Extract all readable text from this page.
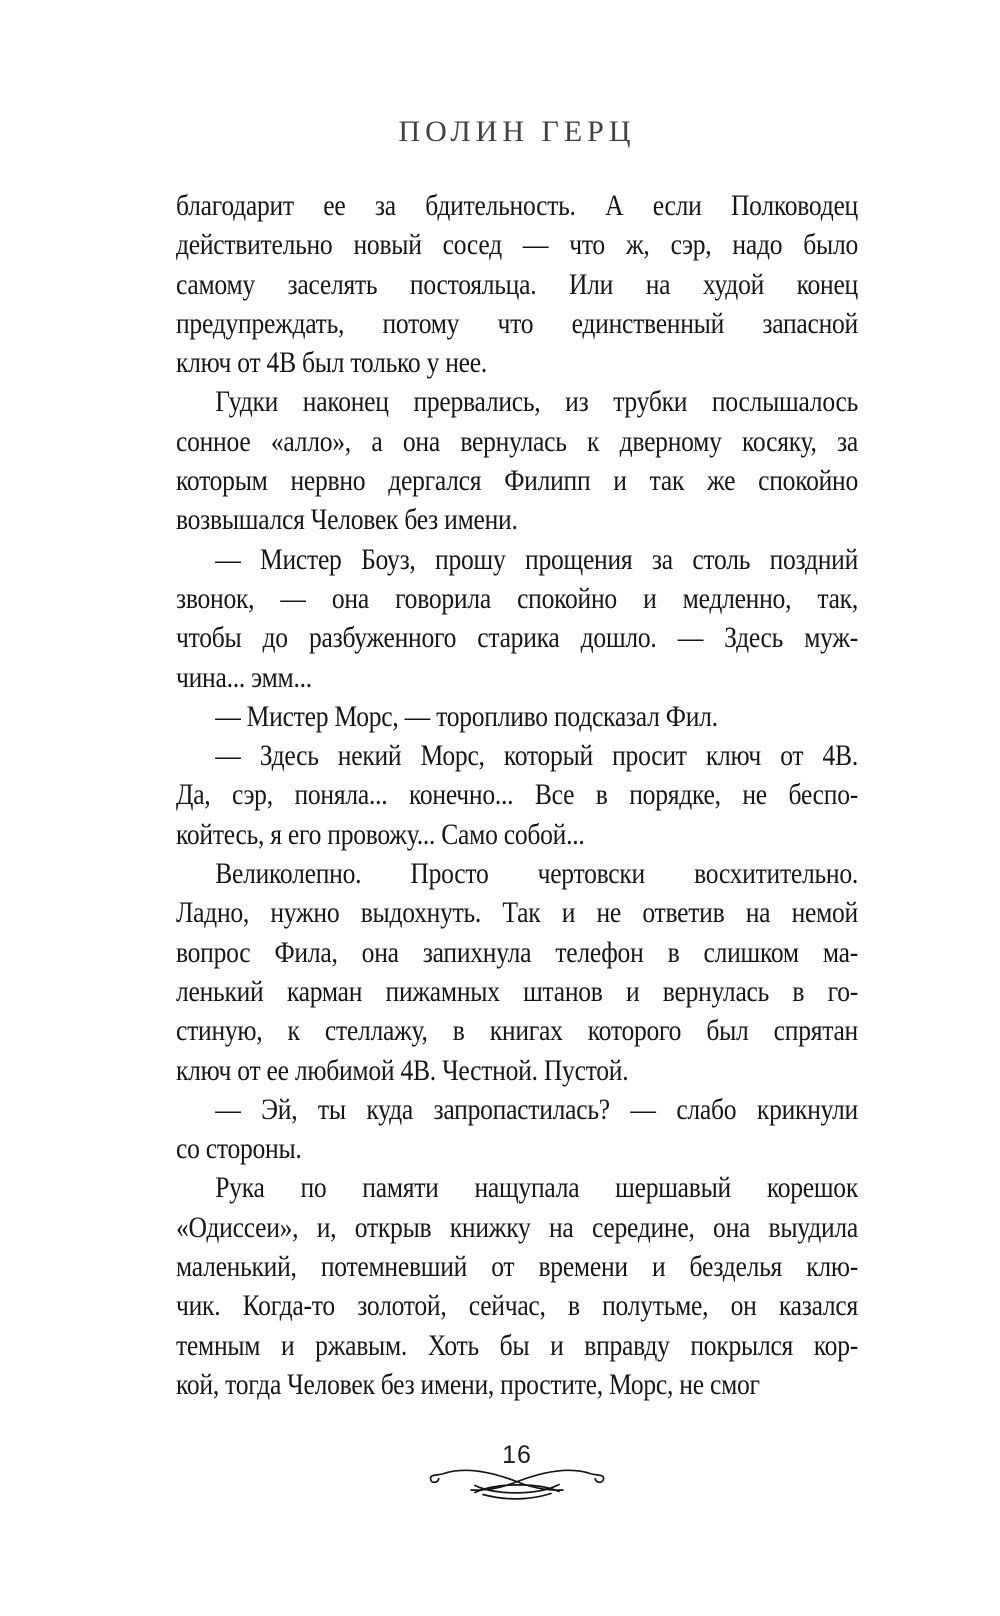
ПОЛИН ГЕРЦ
благодарит ее за бдительность. А если Полководец
действительно новый сосед — что ж, сэр, надо было
самому заселять постояльца. Или на худой конец
предупреждать, потому что единственный запасной
ключ от 4В был только у нее.
Гудки наконец прервались, из трубки послышалось
сонное «алло», а она вернулась к дверному косяку, за
которым нервно дергался Филипп и так же спокойно
возвышался Человек без имени.
— Мистер Боуз, прошу прощения за столь поздний
звонок, — она говорила спокойно и медленно, так,
чтобы до разбуженного старика дошло. — Здесь муж-
чина... эмм...
— Мистер Морс, — торопливо подсказал Фил.
— Здесь некий Морс, который просит ключ от 4В.
Да, сэр, поняла... конечно... Все в порядке, не беспо-
койтесь, я его провожу... Само собой...
Великолепно. Просто чертовски восхитительно.
Ладно, нужно выдохнуть. Так и не ответив на немой
вопрос Фила, она запихнула телефон в слишком ма-
ленький карман пижамных штанов и вернулась в го-
стиную, к стеллажу, в книгах которого был спрятан
ключ от ее любимой 4В. Честной. Пустой.
— Эй, ты куда запропастилась? — слабо крикнули
со стороны.
Рука по памяти нащупала шершавый корешок
«Одиссеи», и, открыв книжку на середине, она выудила
маленький, потемневший от времени и безделья клю-
чик. Когда-то золотой, сейчас, в полутьме, он казался
темным и ржавым. Хоть бы и вправду покрылся кор-
кой, тогда Человек без имени, простите, Морс, не смог
16
